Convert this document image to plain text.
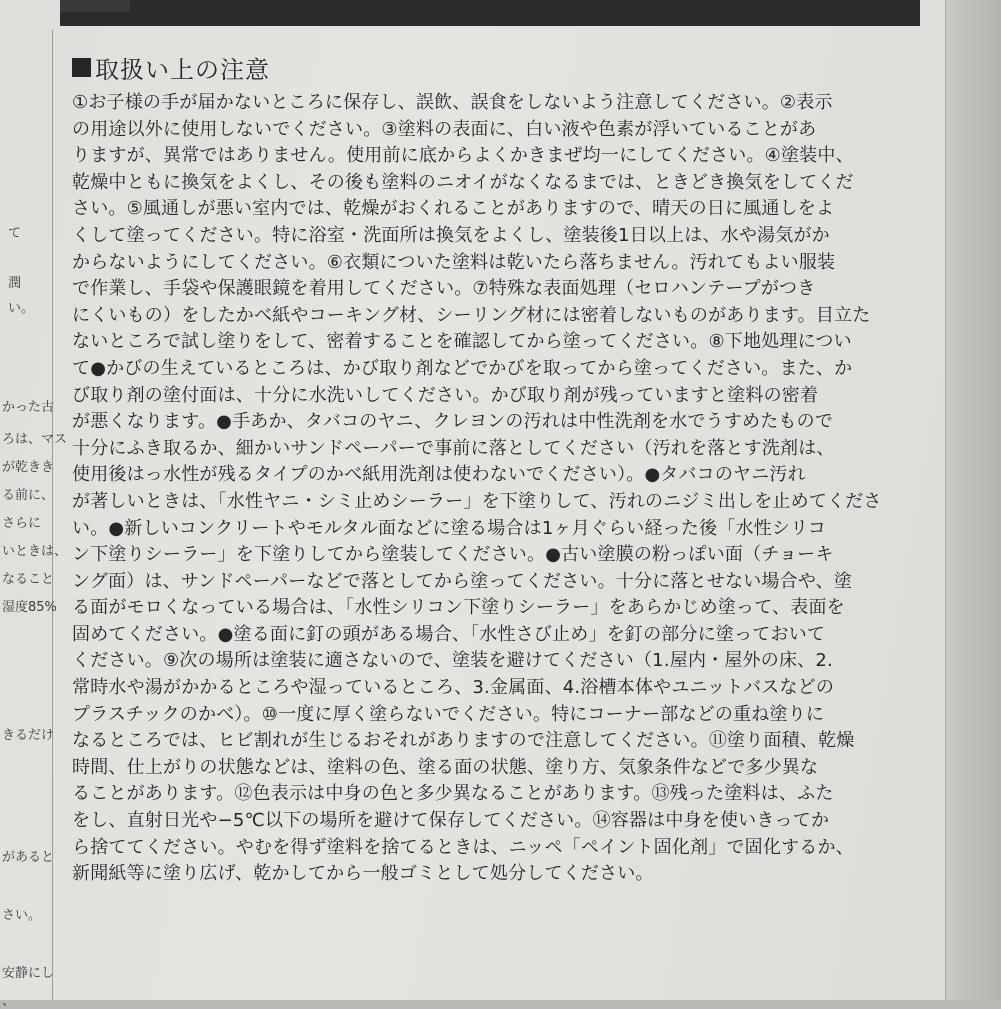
て
潤
い。
かった古
ろは、マス
が乾きき
る前に、
さらに
いときは、
なること
湿度85%
きるだけ
があると
さい。
安静にし
、
取扱い上の注意
①お子様の手が届かないところに保存し、誤飲、誤食をしないよう注意してください。②表示
の用途以外に使用しないでください。③塗料の表面に、白い液や色素が浮いていることがあ
りますが、異常ではありません。使用前に底からよくかきまぜ均一にしてください。④塗装中、
乾燥中ともに換気をよくし、その後も塗料のニオイがなくなるまでは、ときどき換気をしてくだ
さい。⑤風通しが悪い室内では、乾燥がおくれることがありますので、晴天の日に風通しをよ
くして塗ってください。特に浴室・洗面所は換気をよくし、塗装後1日以上は、水や湯気がか
からないようにしてください。⑥衣類についた塗料は乾いたら落ちません。汚れてもよい服装
で作業し、手袋や保護眼鏡を着用してください。⑦特殊な表面処理（セロハンテープがつき
にくいもの）をしたかべ紙やコーキング材、シーリング材には密着しないものがあります。目立た
ないところで試し塗りをして、密着することを確認してから塗ってください。⑧下地処理につい
て●かびの生えているところは、かび取り剤などでかびを取ってから塗ってください。また、か
び取り剤の塗付面は、十分に水洗いしてください。かび取り剤が残っていますと塗料の密着
が悪くなります。●手あか、タバコのヤニ、クレヨンの汚れは中性洗剤を水でうすめたもので
十分にふき取るか、細かいサンドペーパーで事前に落としてください（汚れを落とす洗剤は、
使用後はっ水性が残るタイプのかべ紙用洗剤は使わないでください）。●タバコのヤニ汚れ
が著しいときは、「水性ヤニ・シミ止めシーラー」を下塗りして、汚れのニジミ出しを止めてくださ
い。●新しいコンクリートやモルタル面などに塗る場合は1ヶ月ぐらい経った後「水性シリコ
ン下塗りシーラー」を下塗りしてから塗装してください。●古い塗膜の粉っぽい面（チョーキ
ング面）は、サンドペーパーなどで落としてから塗ってください。十分に落とせない場合や、塗
る面がモロくなっている場合は、「水性シリコン下塗りシーラー」をあらかじめ塗って、表面を
固めてください。●塗る面に釘の頭がある場合、「水性さび止め」を釘の部分に塗っておいて
ください。⑨次の場所は塗装に適さないので、塗装を避けてください（1.屋内・屋外の床、2.
常時水や湯がかかるところや湿っているところ、3.金属面、4.浴槽本体やユニットバスなどの
プラスチックのかべ）。⑩一度に厚く塗らないでください。特にコーナー部などの重ね塗りに
なるところでは、ヒビ割れが生じるおそれがありますので注意してください。⑪塗り面積、乾燥
時間、仕上がりの状態などは、塗料の色、塗る面の状態、塗り方、気象条件などで多少異な
ることがあります。⑫色表示は中身の色と多少異なることがあります。⑬残った塗料は、ふた
をし、直射日光や−5℃以下の場所を避けて保存してください。⑭容器は中身を使いきってか
ら捨ててください。やむを得ず塗料を捨てるときは、ニッペ「ペイント固化剤」で固化するか、
新聞紙等に塗り広げ、乾かしてから一般ゴミとして処分してください。
